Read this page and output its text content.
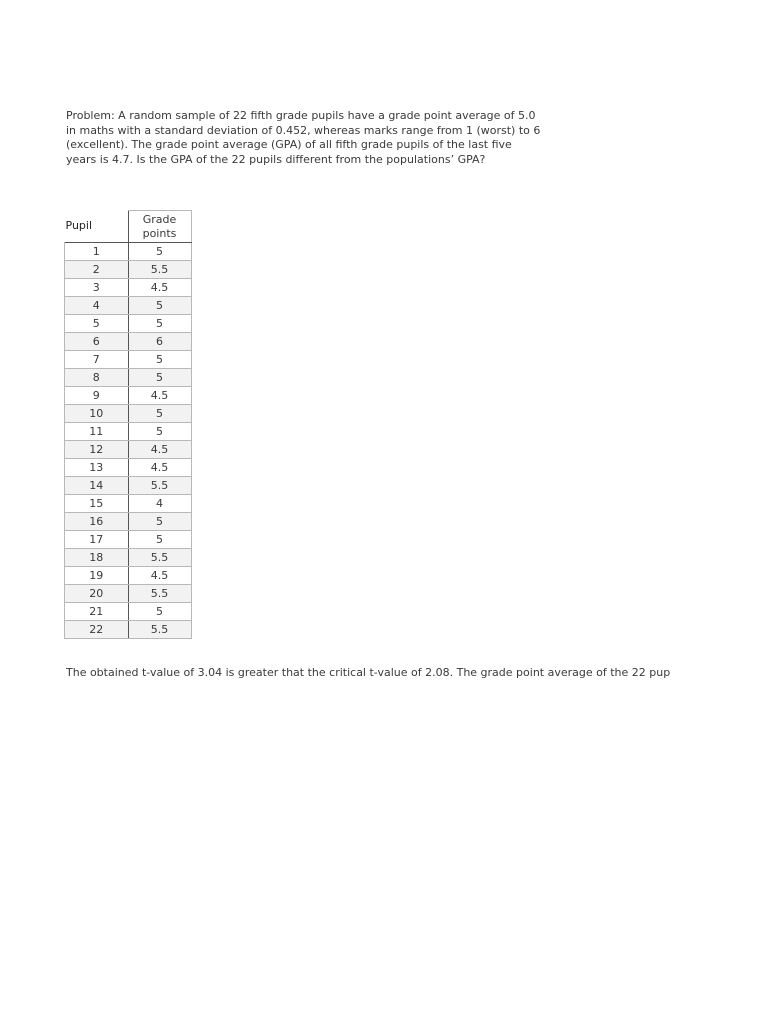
Problem: A random sample of 22 fifth grade pupils have a grade point average of 5.0
in maths with a standard deviation of 0.452, whereas marks range from 1 (worst) to 6
(excellent). The grade point average (GPA) of all fifth grade pupils of the last five
years is 4.7. Is the GPA of the 22 pupils different from the populations’ GPA?
Pupil	Grade
points
1	5
2	5.5
3	4.5
4	5
5	5
6	6
7	5
8	5
9	4.5
10	5
11	5
12	4.5
13	4.5
14	5.5
15	4
16	5
17	5
18	5.5
19	4.5
20	5.5
21	5
22	5.5
The obtained t-value of 3.04 is greater that the critical t-value of 2.08. The grade point average of the 22 pup
